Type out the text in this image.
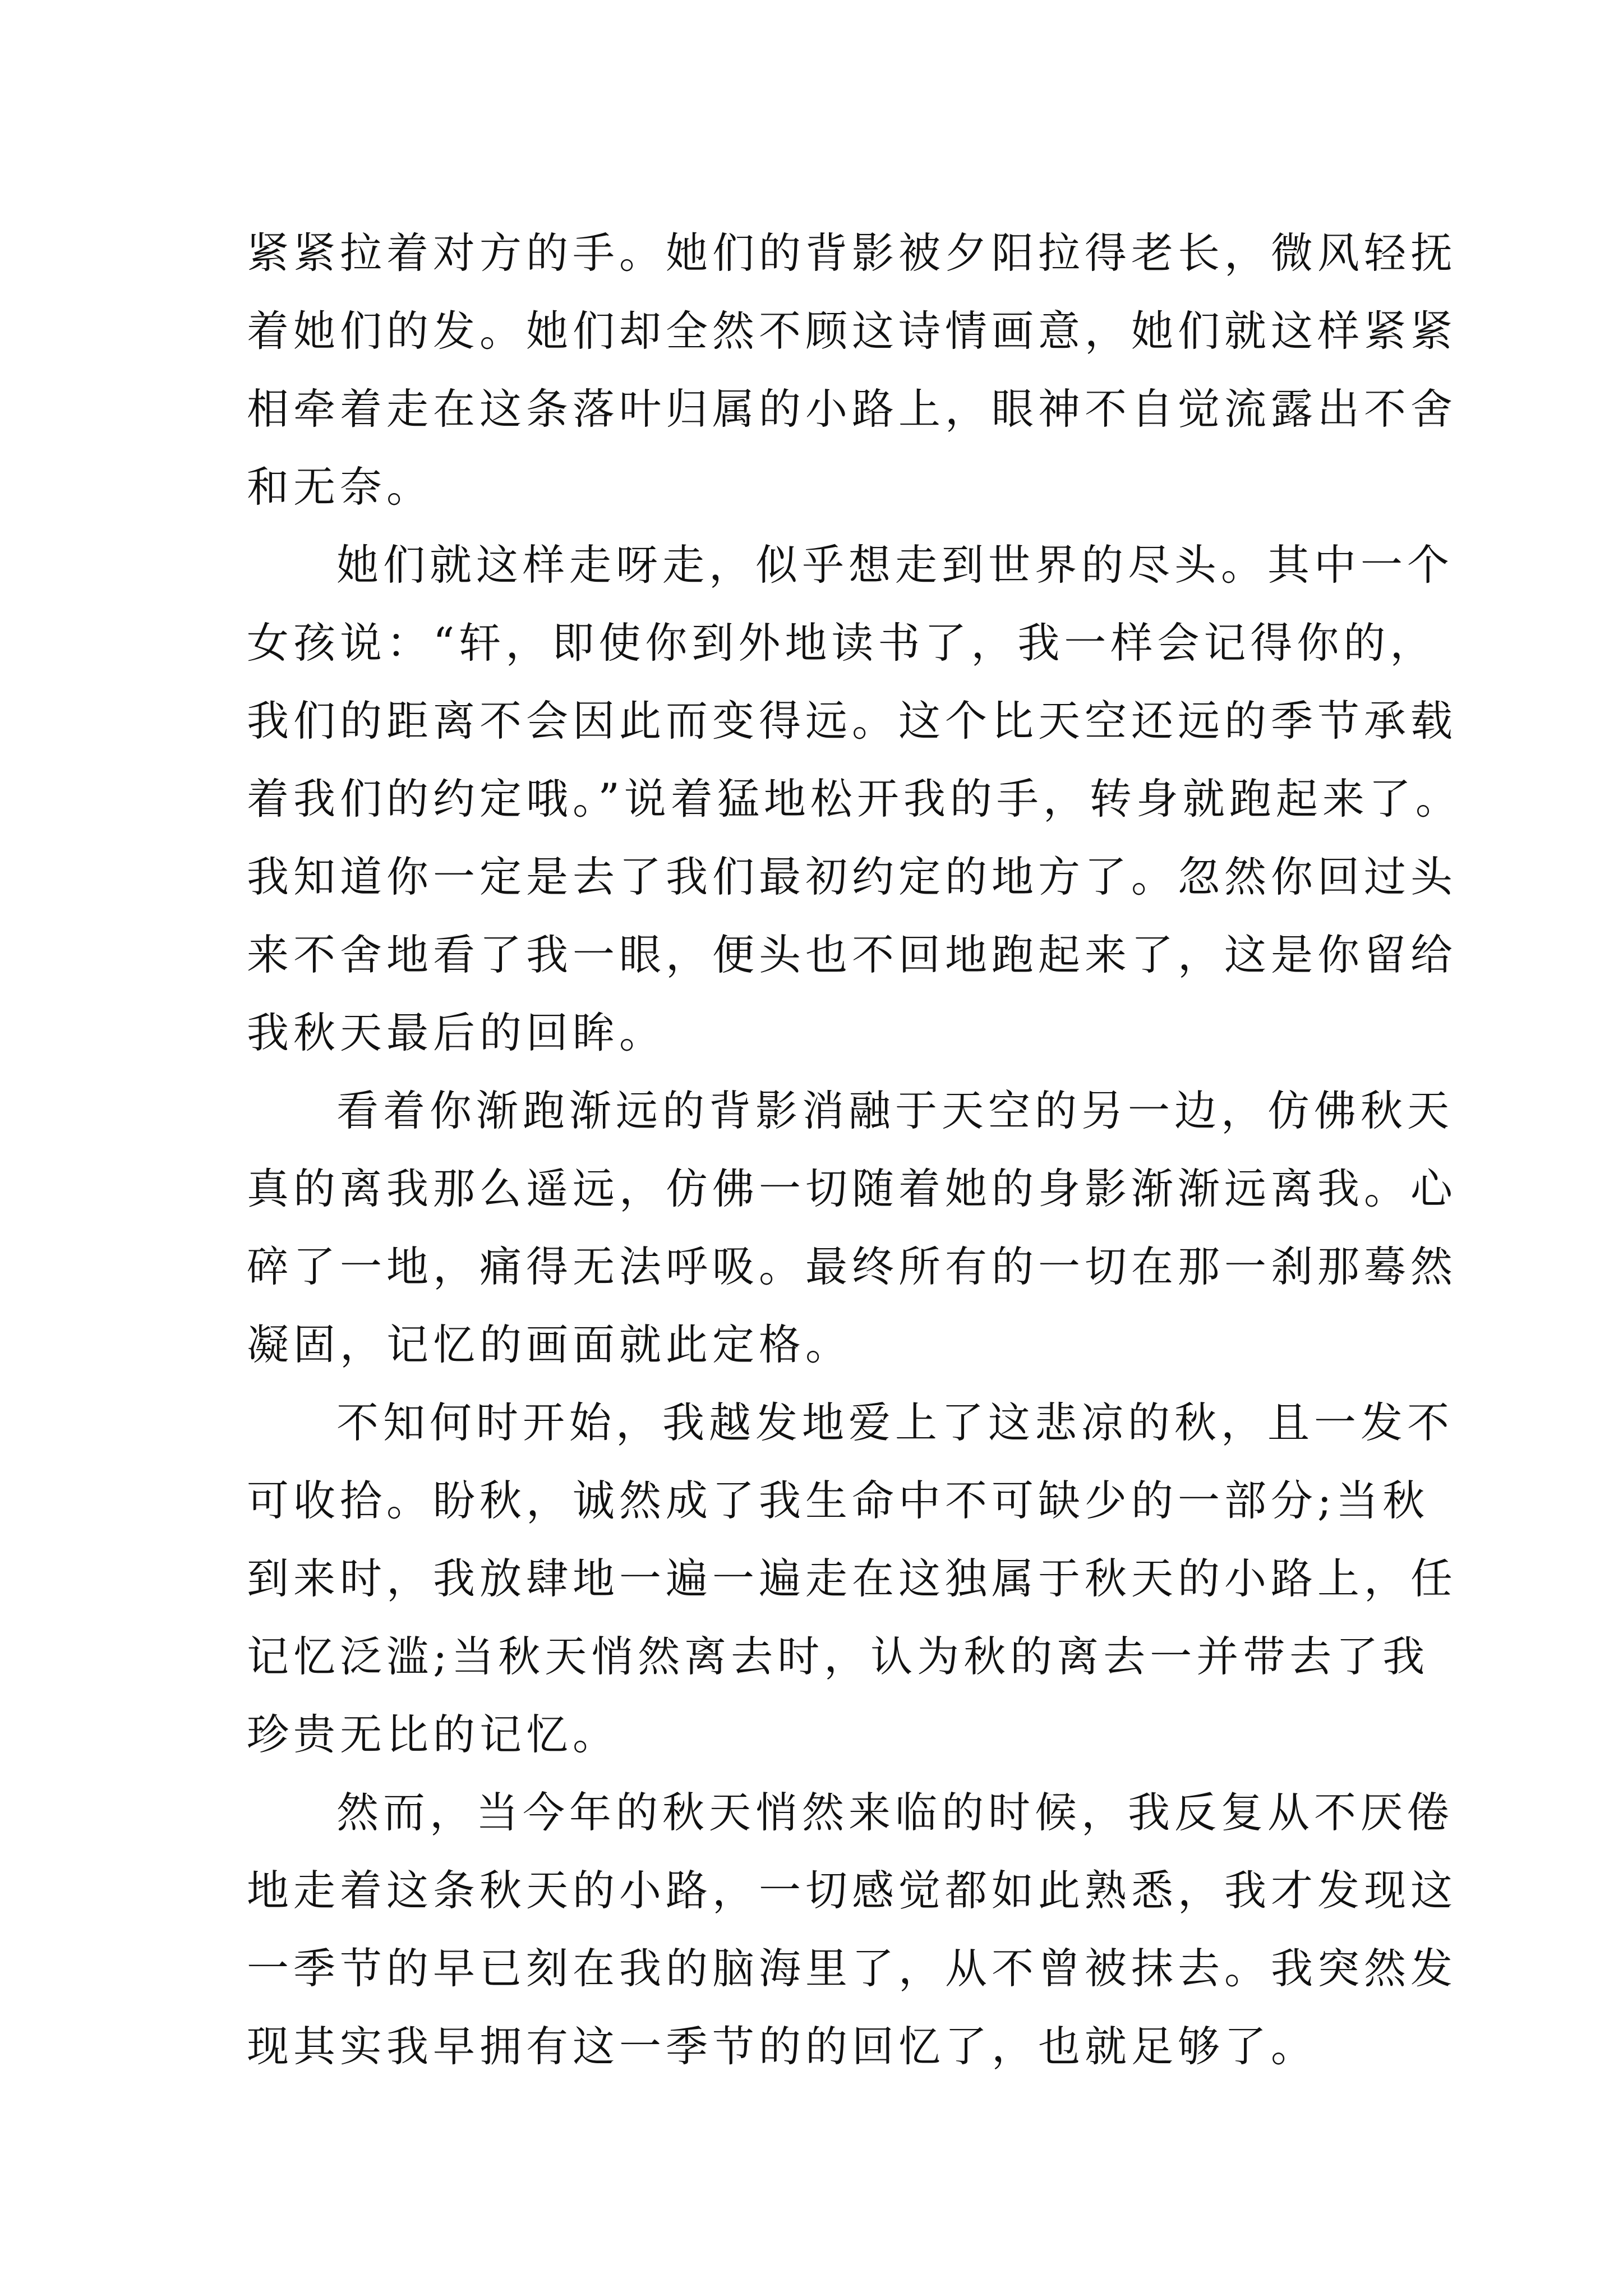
紧紧拉着对方的手。她们的背影被夕阳拉得老长，微风轻抚
着她们的发。她们却全然不顾这诗情画意，她们就这样紧紧
相牵着走在这条落叶归属的小路上，眼神不自觉流露出不舍
和无奈。
她们就这样走呀走，似乎想走到世界的尽头。其中一个
女孩说：“轩，即使你到外地读书了，我一样会记得你的，
我们的距离不会因此而变得远。这个比天空还远的季节承载
着我们的约定哦。”说着猛地松开我的手，转身就跑起来了。
我知道你一定是去了我们最初约定的地方了。忽然你回过头
来不舍地看了我一眼，便头也不回地跑起来了，这是你留给
我秋天最后的回眸。
看着你渐跑渐远的背影消融于天空的另一边，仿佛秋天
真的离我那么遥远，仿佛一切随着她的身影渐渐远离我。心
碎了一地，痛得无法呼吸。最终所有的一切在那一刹那蓦然
凝固，记忆的画面就此定格。
不知何时开始，我越发地爱上了这悲凉的秋，且一发不
可收拾。盼秋，诚然成了我生命中不可缺少的一部分;当秋
到来时，我放肆地一遍一遍走在这独属于秋天的小路上，任
记忆泛滥;当秋天悄然离去时，认为秋的离去一并带去了我
珍贵无比的记忆。
然而，当今年的秋天悄然来临的时候，我反复从不厌倦
地走着这条秋天的小路，一切感觉都如此熟悉，我才发现这
一季节的早已刻在我的脑海里了，从不曾被抹去。我突然发
现其实我早拥有这一季节的的回忆了，也就足够了。
